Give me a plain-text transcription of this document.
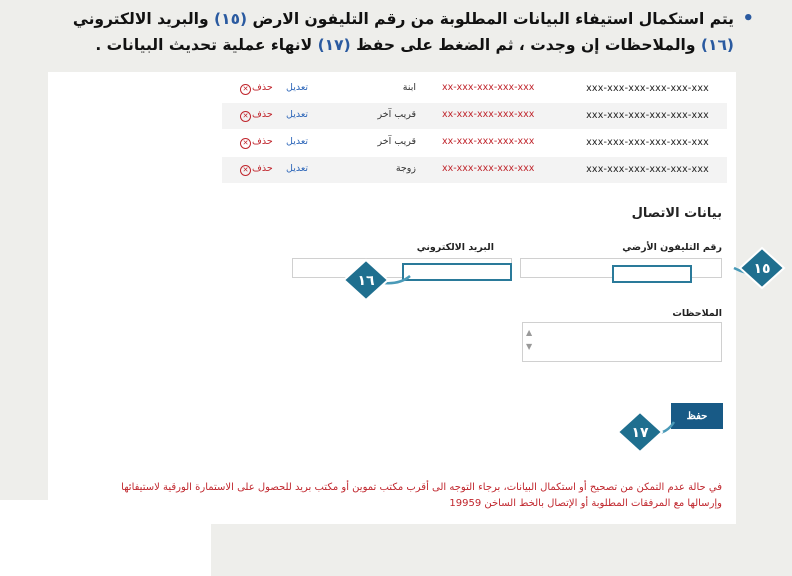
•
يتم استكمال استيفاء البيانات المطلوبة من رقم التليفون الارض (١٥) والبريد الالكتروني (١٦) والملاحظات إن وجدت ، ثم الضغط على حفظ (١٧) لانهاء عملية تحديث البيانات .
xxx-xxx-xxx-xxx-xxx-xxx
xx-xxx-xxx-xxx-xxx
ابنة
تعديل
✕ حذف
xxx-xxx-xxx-xxx-xxx-xxx
xx-xxx-xxx-xxx-xxx
قريب آخر
تعديل
✕ حذف
xxx-xxx-xxx-xxx-xxx-xxx
xx-xxx-xxx-xxx-xxx
قريب آخر
تعديل
✕ حذف
xxx-xxx-xxx-xxx-xxx-xxx
xx-xxx-xxx-xxx-xxx
زوجة
تعديل
✕ حذف
بيانات الاتصال
رقم التليفون الأرضي
البريد الالكتروني
الملاحظات
▲
▼
حفظ
في حالة عدم التمكن من تصحيح أو استكمال البيانات، برجاء التوجه الى أقرب مكتب تموين أو مكتب بريد للحصول على الاستمارة الورقية لاستيفائها وإرسالها مع المرفقات المطلوبة أو الإتصال بالخط الساخن 19959
١٥
١٦
١٧
